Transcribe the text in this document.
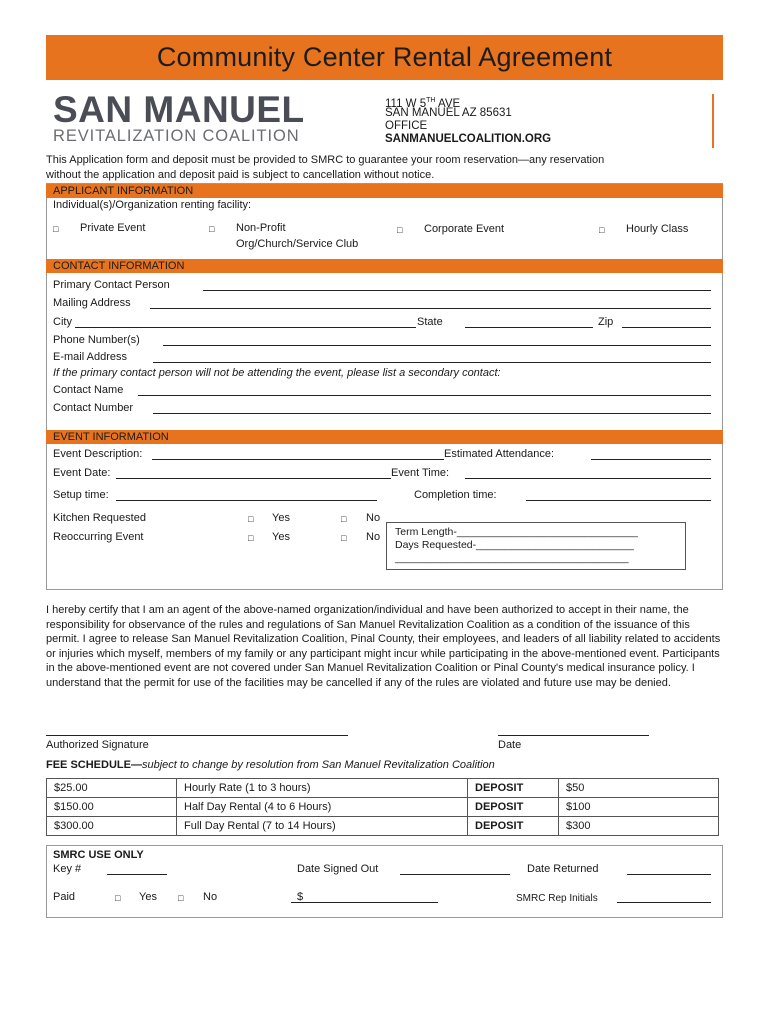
Community Center Rental Agreement
SAN MANUEL
REVITALIZATION COALITION
111 W 5TH AVE
SAN MANUEL AZ 85631
OFFICE
SANMANUELCOALITION.ORG
This Application form and deposit must be provided to SMRC to guarantee your room reservation—any reservation
without the application and deposit paid is subject to cancellation without notice.
APPLICANT INFORMATION
Individual(s)/Organization renting facility:
□ Private Event	□ Non-Profit
Org/Church/Service Club
□ Corporate Event	□ Hourly Class
CONTACT INFORMATION
Primary Contact Person
Mailing Address
City	State	Zip
Phone Number(s)
E-mail Address
If the primary contact person will not be attending the event, please list a secondary contact:
Contact Name
Contact Number
EVENT INFORMATION
Event Description:	Estimated Attendance:
Event Date:	Event Time:
Setup time:	Completion time:
Kitchen Requested	□ Yes	□ No
Reoccurring Event	□ Yes	□ No Term Length-_______________________________
Days Requested-___________________________
________________________________________
I hereby certify that I am an agent of the above-named organization/individual and have been authorized to accept in their name, the responsibility for observance of the rules and regulations of San Manuel Revitalization Coalition as a condition of the issuance of this permit. I agree to release San Manuel Revitalization Coalition, Pinal County, their employees, and leaders of all liability related to accidents or injuries which myself, members of my family or any participant might incur while participating in the above-mentioned event. Participants in the above-mentioned event are not covered under San Manuel Revitalization Coalition or Pinal County's medical insurance policy. I understand that the permit for use of the facilities may be cancelled if any of the rules are violated and future use may be denied.
Authorized Signature	Date
FEE SCHEDULE—subject to change by resolution from San Manuel Revitalization Coalition
$25.00	Hourly Rate (1 to 3 hours)	DEPOSIT	$50
$150.00	Half Day Rental (4 to 6 Hours)	DEPOSIT	$100
$300.00	Full Day Rental (7 to 14 Hours)	DEPOSIT	$300
SMRC USE ONLY
Key #	Date Signed Out	Date Returned
Paid	□ Yes □ No	$	SMRC Rep Initials
